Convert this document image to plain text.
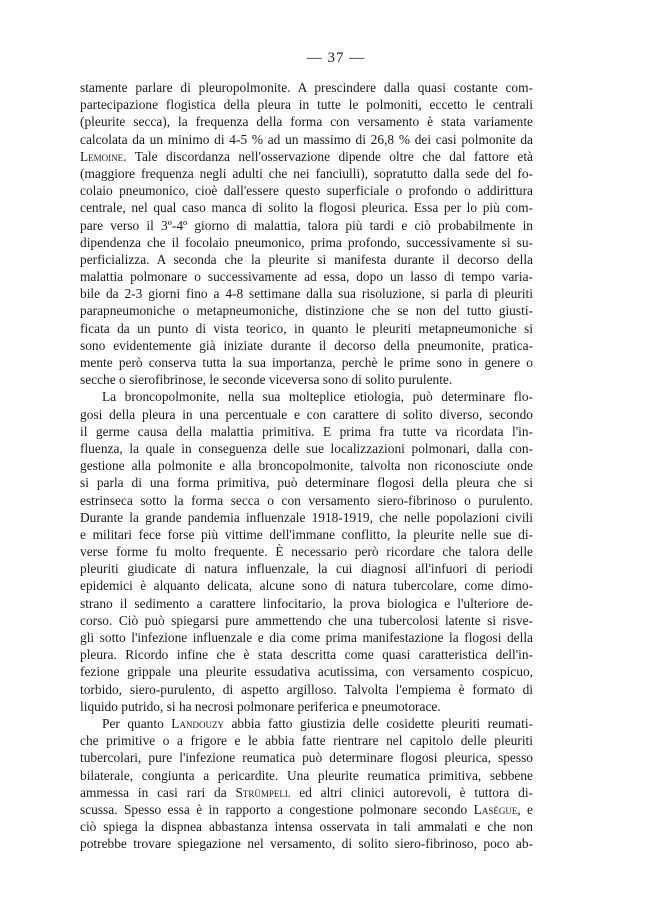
— 37 —
stamente parlare di pleuropolmonite. A prescindere dalla quasi costante com-
partecipazione flogistica della pleura in tutte le polmoniti, eccetto le centrali
(pleurite secca), la frequenza della forma con versamento è stata variamente
calcolata da un minimo di 4-5 % ad un massimo di 26,8 % dei casi polmonite da
Lemoine. Tale discordanza nell'osservazione dipende oltre che dal fattore età
(maggiore frequenza negli adulti che nei fanciulli), sopratutto dalla sede del fo-
colaio pneumonico, cioè dall'essere questo superficiale o profondo o addirittura
centrale, nel qual caso manca di solito la flogosi pleurica. Essa per lo più com-
pare verso il 3º-4º giorno di malattia, talora più tardi e ciò probabilmente in
dipendenza che il focolaio pneumonico, prima profondo, successivamente si su-
perficializza. A seconda che la pleurite si manifesta durante il decorso della
malattia polmonare o successivamente ad essa, dopo un lasso di tempo varia-
bile da 2-3 giorni fino a 4-8 settimane dalla sua risoluzione, si parla di pleuriti
parapneumoniche o metapneumoniche, distinzione che se non del tutto giusti-
ficata da un punto di vista teorico, in quanto le pleuriti metapneumoniche si
sono evidentemente già iniziate durante il decorso della pneumonite, pratica-
mente però conserva tutta la sua importanza, perchè le prime sono in genere o
secche o sierofibrinose, le seconde viceversa sono di solito purulente.
La broncopolmonite, nella sua molteplice etiologia, può determinare flo-
gosi della pleura in una percentuale e con carattere di solito diverso, secondo
il germe causa della malattia primitiva. E prima fra tutte va ricordata l'in-
fluenza, la quale in conseguenza delle sue localizzazioni polmonari, dalla con-
gestione alla polmonite e alla broncopolmonite, talvolta non riconosciute onde
si parla di una forma primitiva, può determinare flogosi della pleura che si
estrinseca sotto la forma secca o con versamento siero-fibrinoso o purulento.
Durante la grande pandemia influenzale 1918-1919, che nelle popolazioni civili
e militari fece forse più vittime dell'immane conflitto, la pleurite nelle sue di-
verse forme fu molto frequente. È necessario però ricordare che talora delle
pleuriti giudicate di natura influenzale, la cui diagnosi all'infuori di periodi
epidemici è alquanto delicata, alcune sono di natura tubercolare, come dimo-
strano il sedimento a carattere linfocitario, la prova biologica e l'ulteriore de-
corso. Ciò può spiegarsi pure ammettendo che una tubercolosi latente si risve-
gli sotto l'infezione influenzale e dia come prima manifestazione la flogosi della
pleura. Ricordo infine che è stata descritta come quasi caratteristica dell'in-
fezione grippale una pleurite essudativa acutissima, con versamento cospicuo,
torbido, siero-purulento, di aspetto argilloso. Talvolta l'empiema è formato di
liquido putrido, si ha necrosi polmonare periferica e pneumotorace.
Per quanto Landouzy abbia fatto giustizia delle cosidette pleuriti reumati-
che primitive o a frigore e le abbia fatte rientrare nel capitolo delle pleuriti
tubercolari, pure l'infezione reumatica può determinare flogosi pleurica, spesso
bilaterale, congiunta a pericardite. Una pleurite reumatica primitiva, sebbene
ammessa in casi rari da Strümpell ed altri clinici autorevoli, è tuttora di-
scussa. Spesso essa è in rapporto a congestione polmonare secondo Lasègue, e
ciò spiega la dispnea abbastanza intensa osservata in tali ammalati e che non
potrebbe trovare spiegazione nel versamento, di solito siero-fibrinoso, poco ab-
